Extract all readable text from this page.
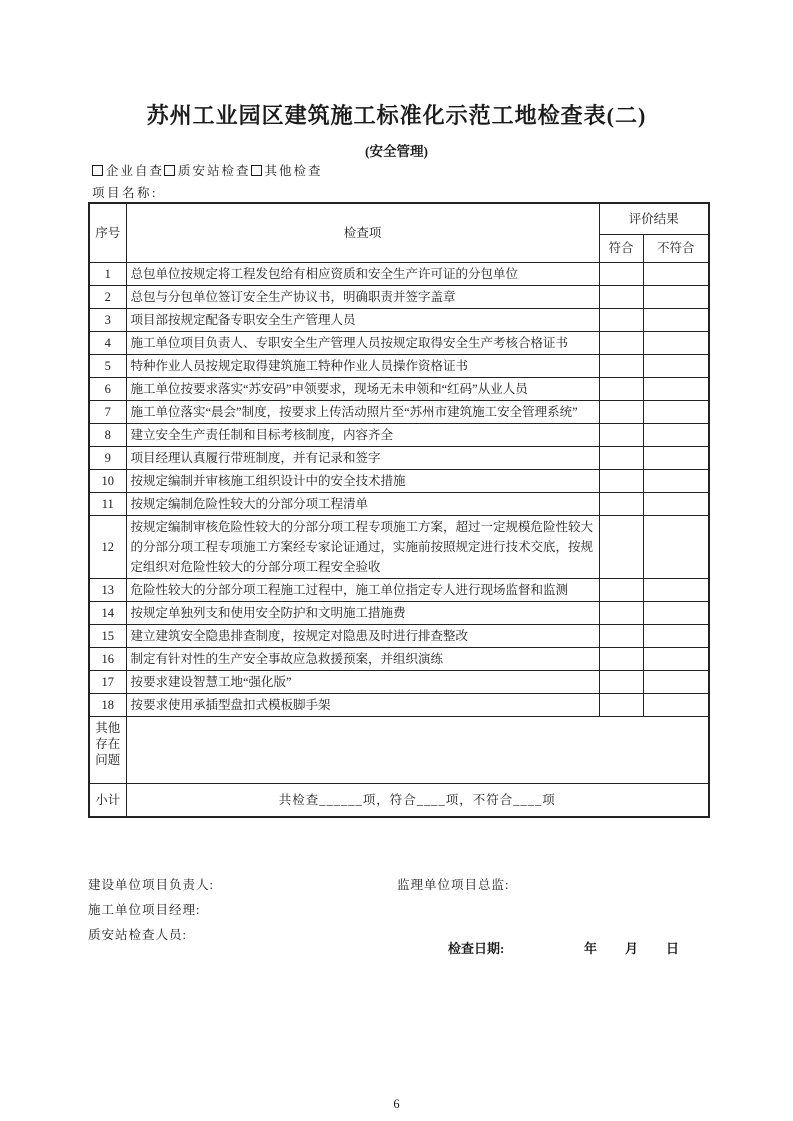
苏州工业园区建筑施工标准化示范工地检查表(二)
(安全管理)
企业自查 质安站检查 其他检查
项目名称:
序号	检查项	评价结果	
		符合	不符合
1	总包单位按规定将工程发包给有相应资质和安全生产许可证的分包单位		
2	总包与分包单位签订安全生产协议书，明确职责并签字盖章		
3	项目部按规定配备专职安全生产管理人员		
4	施工单位项目负责人、专职安全生产管理人员按规定取得安全生产考核合格证书		
5	特种作业人员按规定取得建筑施工特种作业人员操作资格证书		
6	施工单位按要求落实“苏安码”申领要求，现场无未申领和“红码”从业人员		
7	施工单位落实“晨会”制度，按要求上传活动照片至“苏州市建筑施工安全管理系统”		
8	建立安全生产责任制和目标考核制度，内容齐全		
9	项目经理认真履行带班制度，并有记录和签字		
10	按规定编制并审核施工组织设计中的安全技术措施		
11	按规定编制危险性较大的分部分项工程清单		
12	按规定编制审核危险性较大的分部分项工程专项施工方案，超过一定规模危险性较大的分部分项工程专项施工方案经专家论证通过，实施前按照规定进行技术交底，按规定组织对危险性较大的分部分项工程安全验收		
13	危险性较大的分部分项工程施工过程中，施工单位指定专人进行现场监督和监测		
14	按规定单独列支和使用安全防护和文明施工措施费		
15	建立建筑安全隐患排查制度，按规定对隐患及时进行排查整改		
16	制定有针对性的生产安全事故应急救援预案，并组织演练		
17	按要求建设智慧工地“强化版”		
18	按要求使用承插型盘扣式模板脚手架		
其他存在问题			
小计	共检查______项，符合____项，不符合____项		
建设单位项目负责人:	监理单位项目总监:
施工单位项目经理:
质安站检查人员:
检查日期:	年 月 日
6
